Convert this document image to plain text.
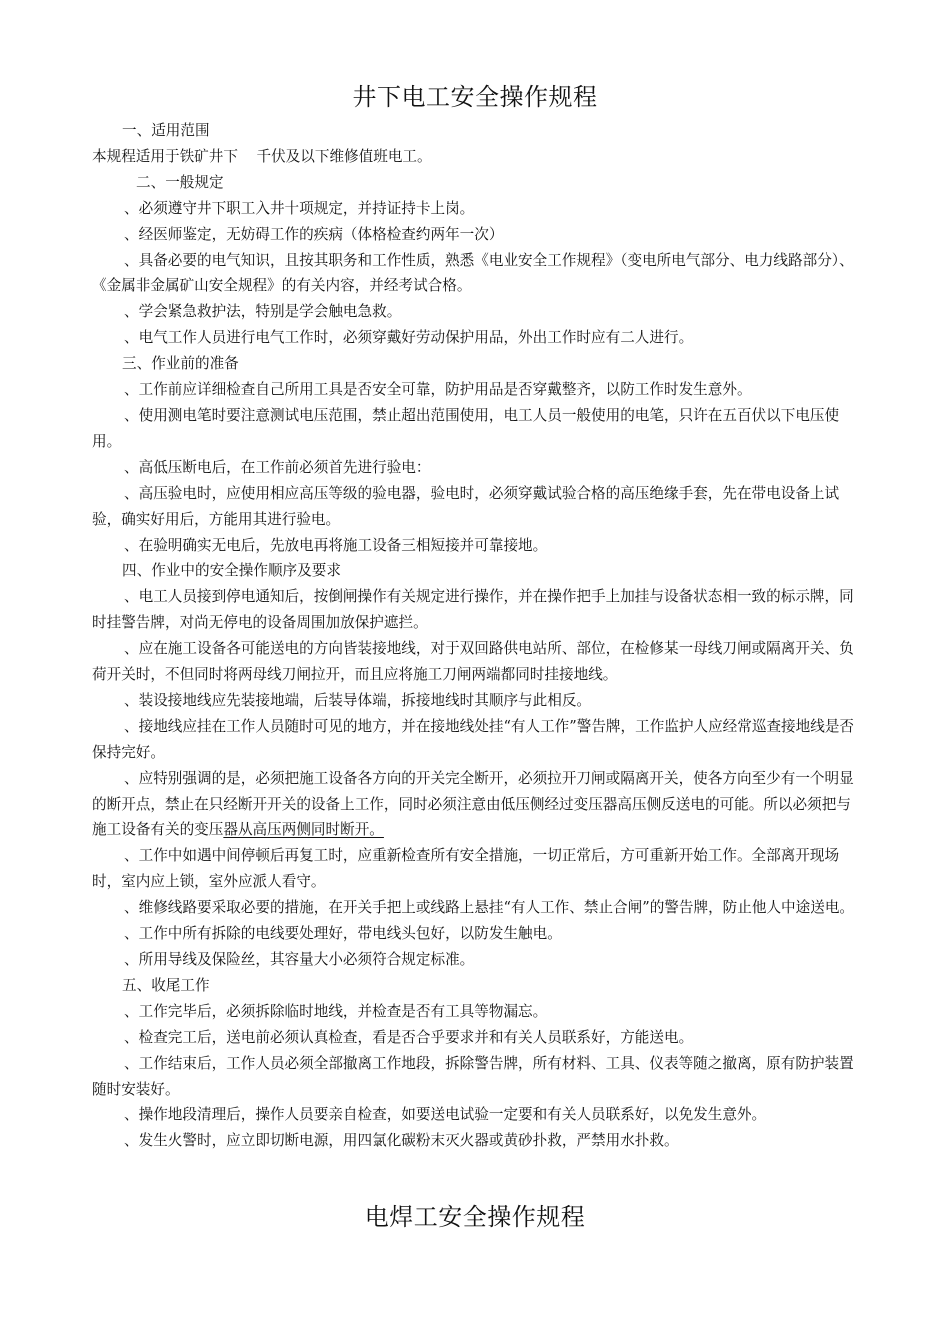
井下电工安全操作规程

一、适用范围

本规程适用于铁矿井下    千伏及以下维修值班电工。

二、一般规定

、必须遵守井下职工入井十项规定，并持证持卡上岗。

、经医师鉴定，无妨碍工作的疾病（体格检查约两年一次）

、具备必要的电气知识，且按其职务和工作性质，熟悉《电业安全工作规程》（变电所电气部分、电力线路部分）、《金属非金属矿山安全规程》的有关内容，并经考试合格。

、学会紧急救护法，特别是学会触电急救。

、电气工作人员进行电气工作时，必须穿戴好劳动保护用品，外出工作时应有二人进行。

三、作业前的准备

、工作前应详细检查自己所用工具是否安全可靠，防护用品是否穿戴整齐，以防工作时发生意外。

、使用测电笔时要注意测试电压范围，禁止超出范围使用，电工人员一般使用的电笔，只许在五百伏以下电压使用。

、高低压断电后，在工作前必须首先进行验电：

、高压验电时，应使用相应高压等级的验电器，验电时，必须穿戴试验合格的高压绝缘手套，先在带电设备上试验，确实好用后，方能用其进行验电。

、在验明确实无电后，先放电再将施工设备三相短接并可靠接地。

四、作业中的安全操作顺序及要求

、电工人员接到停电通知后，按倒闸操作有关规定进行操作，并在操作把手上加挂与设备状态相一致的标示牌，同时挂警告牌，对尚无停电的设备周围加放保护遮拦。

、应在施工设备各可能送电的方向皆装接地线，对于双回路供电站所、部位，在检修某一母线刀闸或隔离开关、负荷开关时，不但同时将两母线刀闸拉开，而且应将施工刀闸两端都同时挂接地线。

、装设接地线应先装接地端，后装导体端，拆接地线时其顺序与此相反。

、接地线应挂在工作人员随时可见的地方，并在接地线处挂“有人工作”警告牌，工作监护人应经常巡查接地线是否保持完好。

、应特别强调的是，必须把施工设备各方向的开关完全断开，必须拉开刀闸或隔离开关，使各方向至少有一个明显的断开点，禁止在只经断开开关的设备上工作，同时必须注意由低压侧经过变压器高压侧反送电的可能。所以必须把与施工设备有关的变压器从高压两侧同时断开。

、工作中如遇中间停顿后再复工时，应重新检查所有安全措施，一切正常后，方可重新开始工作。全部离开现场时，室内应上锁，室外应派人看守。

、维修线路要采取必要的措施，在开关手把上或线路上悬挂“有人工作、禁止合闸”的警告牌，防止他人中途送电。

、工作中所有拆除的电线要处理好，带电线头包好，以防发生触电。

、所用导线及保险丝，其容量大小必须符合规定标准。

五、收尾工作

、工作完毕后，必须拆除临时地线，并检查是否有工具等物漏忘。

、检查完工后，送电前必须认真检查，看是否合乎要求并和有关人员联系好，方能送电。

、工作结束后，工作人员必须全部撤离工作地段，拆除警告牌，所有材料、工具、仪表等随之撤离，原有防护装置随时安装好。

、操作地段清理后，操作人员要亲自检查，如要送电试验一定要和有关人员联系好，以免发生意外。

、发生火警时，应立即切断电源，用四氯化碳粉末灭火器或黄砂扑救，严禁用水扑救。

电焊工安全操作规程
